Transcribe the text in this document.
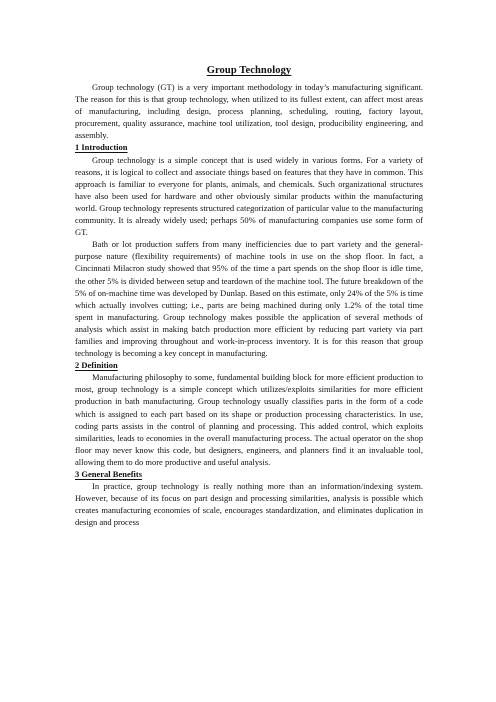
Group Technology

Group technology (GT) is a very important methodology in today’s manufacturing significant. The reason for this is that group technology, when utilized to its fullest extent, can affect most areas of manufacturing, including design, process planning, scheduling, routing, factory layout, procurement, quality assurance, machine tool utilization, tool design, producibility engineering, and assembly.

1 Introduction

Group technology is a simple concept that is used widely in various forms. For a variety of reasons, it is logical to collect and associate things based on features that they have in common. This approach is familiar to everyone for plants, animals, and chemicals. Such organizational structures have also been used for hardware and other obviously similar products within the manufacturing world. Group technology represents structured categorization of particular value to the manufacturing community. It is already widely used; perhaps 50% of manufacturing companies use some form of GT.

Bath or lot production suffers from many inefficiencies due to part variety and the general-purpose nature (flexibility requirements) of machine tools in use on the shop floor. In fact, a Cincinnati Milacron study showed that 95% of the time a part spends on the shop floor is idle time, the other 5% is divided between setup and teardown of the machine tool. The future breakdown of the 5% of on-machine time was developed by Dunlap. Based on this estimate, only 24% of the 5% is time which actually involves cutting; i.e., parts are being machined during only 1.2% of the total time spent in manufacturing. Group technology makes possible the application of several methods of analysis which assist in making batch production more efficient by reducing part variety via part families and improving throughout and work-in-process inventory. It is for this reason that group technology is becoming a key concept in manufacturing.

2 Definition

Manufacturing philosophy to some, fundamental building block for more efficient production to most, group technology is a simple concept which utilizes/exploits similarities for more efficient production in bath manufacturing. Group technology usually classifies parts in the form of a code which is assigned to each part based on its shape or production processing characteristics. In use, coding parts assists in the control of planning and processing. This added control, which exploits similarities, leads to economies in the overall manufacturing process. The actual operator on the shop floor may never know this code, but designers, engineers, and planners find it an invaluable tool, allowing them to do more productive and useful analysis.

3 General Benefits

In practice, group technology is really nothing more than an information/indexing system. However, because of its focus on part design and processing similarities, analysis is possible which creates manufacturing economies of scale, encourages standardization, and eliminates duplication in design and process
